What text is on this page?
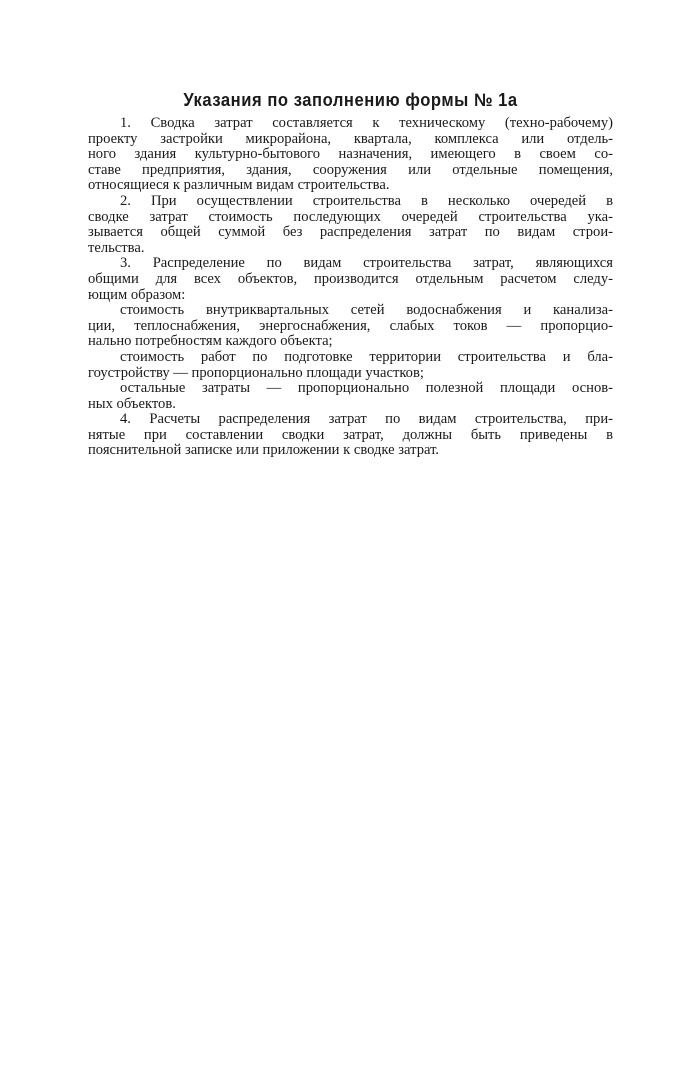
Указания по заполнению формы № 1а

1. Сводка затрат составляется к техническому (техно-рабочему)
проекту застройки микрорайона, квартала, комплекса или отдель-
ного здания культурно-бытового назначения, имеющего в своем со-
ставе предприятия, здания, сооружения или отдельные помещения,
относящиеся к различным видам строительства.

2. При осуществлении строительства в несколько очередей в
сводке затрат стоимость последующих очередей строительства ука-
зывается общей суммой без распределения затрат по видам строи-
тельства.

3. Распределение по видам строительства затрат, являющихся
общими для всех объектов, производится отдельным расчетом следу-
ющим образом:

стоимость внутриквартальных сетей водоснабжения и канализа-
ции, теплоснабжения, энергоснабжения, слабых токов — пропорцио-
нально потребностям каждого объекта;

стоимость работ по подготовке территории строительства и бла-
гоустройству — пропорционально площади участков;

остальные затраты — пропорционально полезной площади основ-
ных объектов.

4. Расчеты распределения затрат по видам строительства, при-
нятые при составлении сводки затрат, должны быть приведены в
пояснительной записке или приложении к сводке затрат.
